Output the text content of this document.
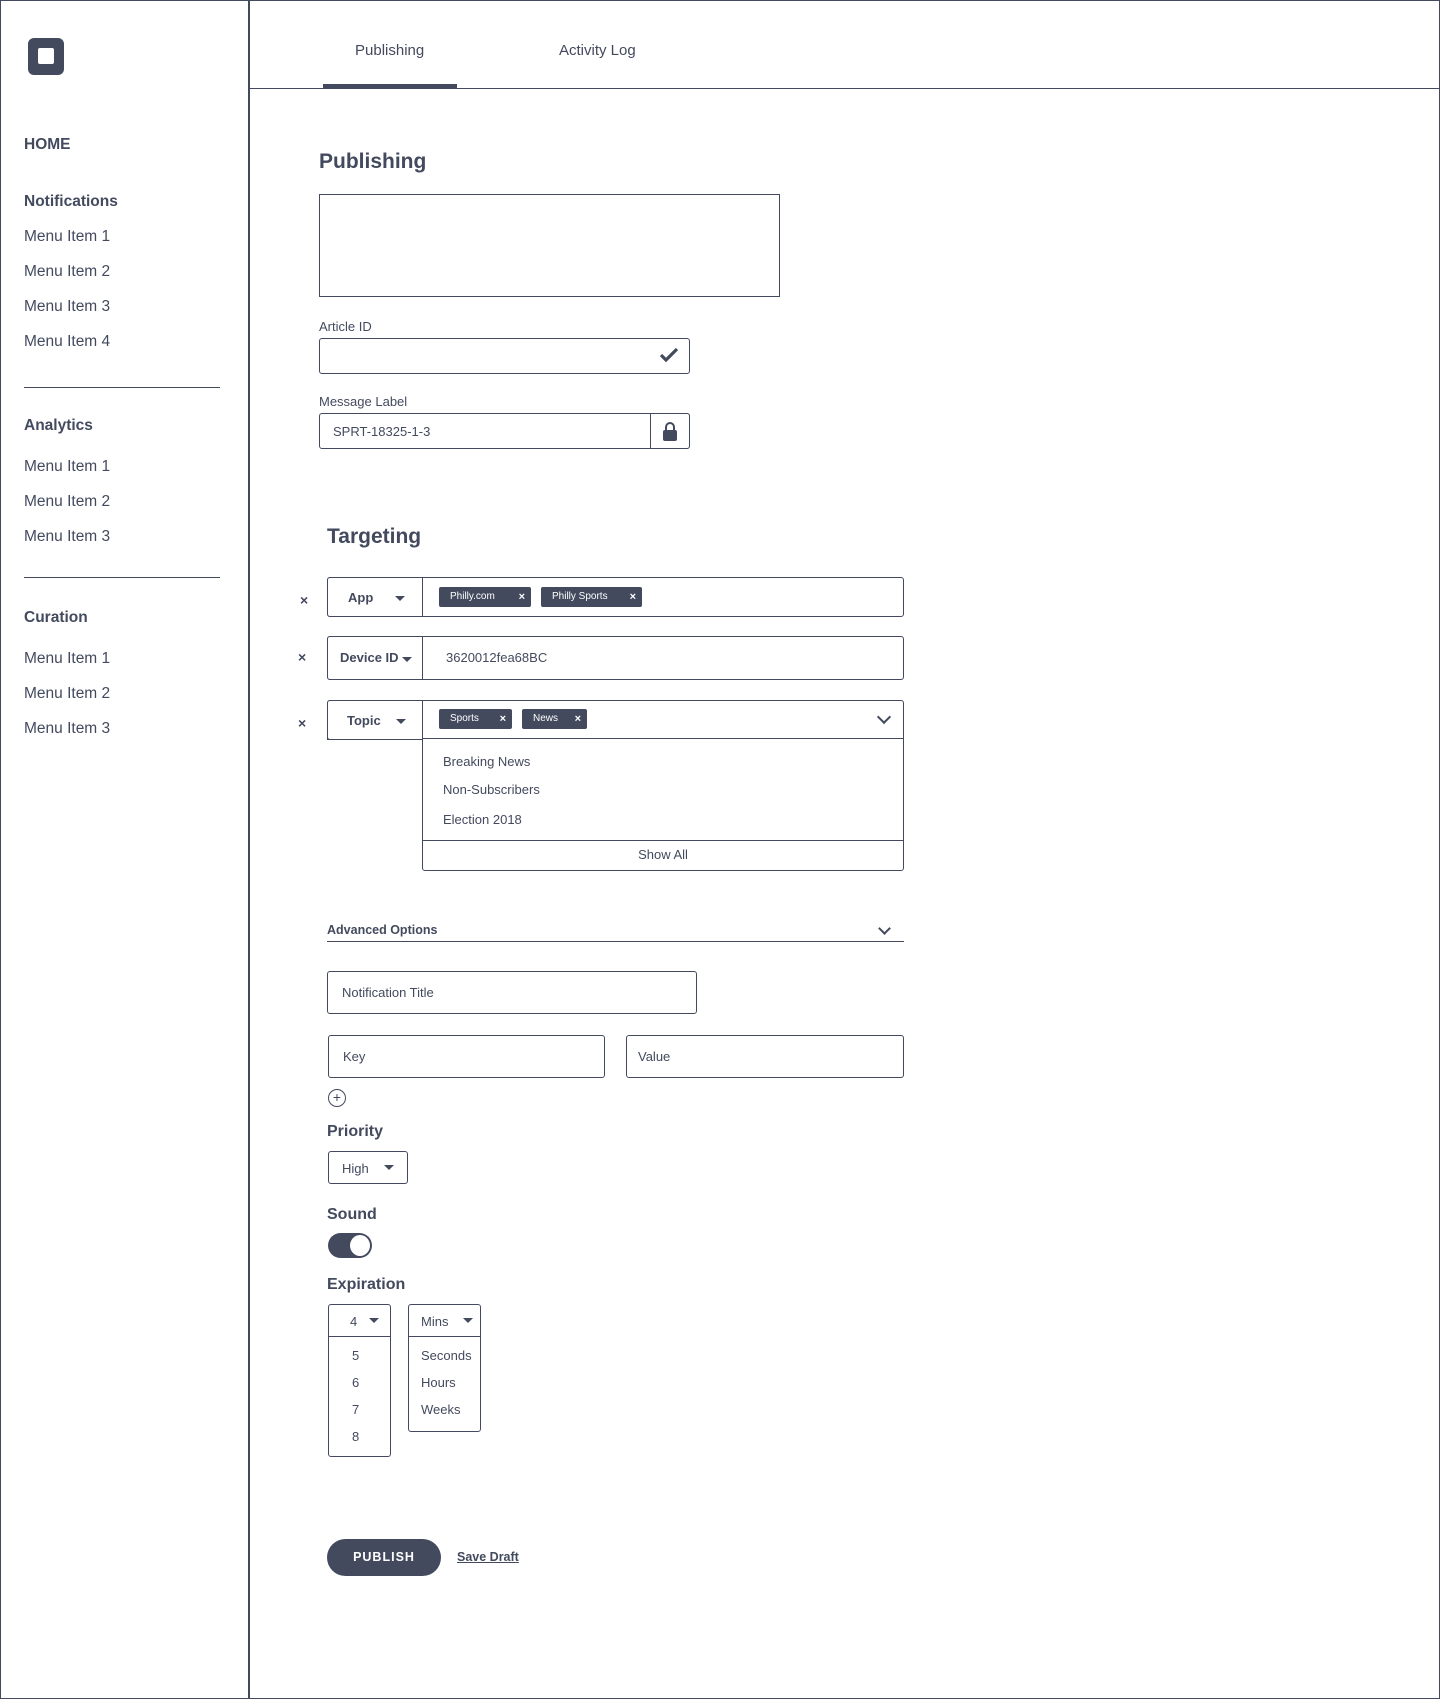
HOME
Notifications
Menu Item 1
Menu Item 2
Menu Item 3
Menu Item 4
Analytics
Menu Item 1
Menu Item 2
Menu Item 3
Curation
Menu Item 1
Menu Item 2
Menu Item 3
Publishing	Activity Log
Publishing
Article ID
Message Label
SPRT-18325-1-3
Targeting
×	App	Philly.com ×	Philly Sports ×
×	Device ID	3620012fea68BC
×	Topic	Sports ×	News ×
Breaking News
Non-Subscribers
Election 2018
Show All
Advanced Options
Notification Title
Key	Value
+
Priority
High
Sound
Expiration
4
5
6
7
8
Mins
Seconds
Hours
Weeks
PUBLISH	Save Draft
